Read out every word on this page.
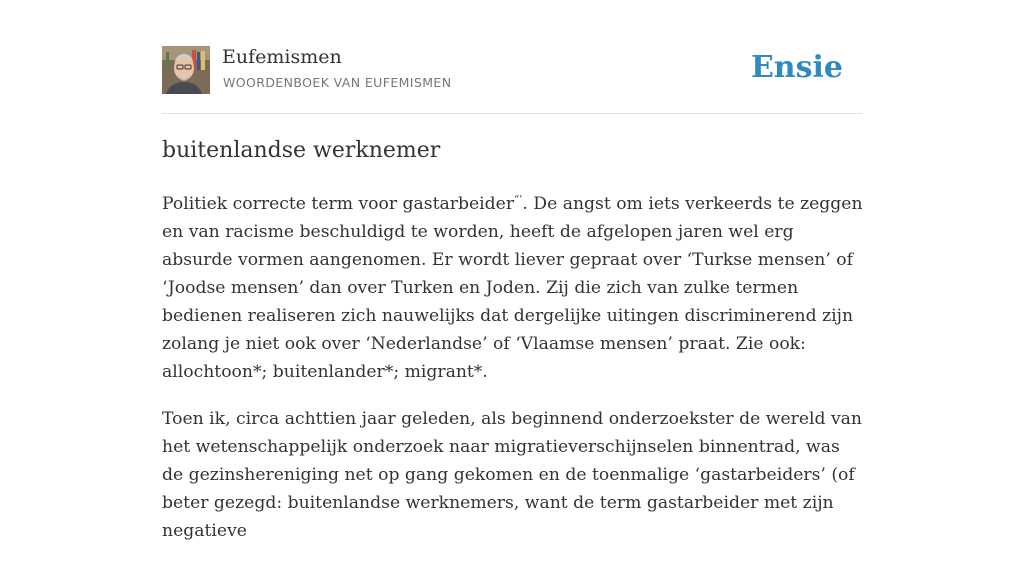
Eufemismen
WOORDENBOEK VAN EUFEMISMEN	Ensie
buitenlandse werknemer

Politiek correcte term voor gastarbeider“’. De angst om iets verkeerds te zeggen en van racisme beschuldigd te worden, heeft de afgelopen jaren wel erg absurde vormen aangenomen. Er wordt liever gepraat over ‘Turkse mensen’ of ‘Joodse mensen’ dan over Turken en Joden. Zij die zich van zulke termen bedienen realiseren zich nauwelijks dat dergelijke uitingen discriminerend zijn zolang je niet ook over ‘Nederlandse’ of ‘Vlaamse mensen’ praat. Zie ook: allochtoon*; buitenlander*; migrant*.

Toen ik, circa achttien jaar geleden, als beginnend onderzoekster de wereld van het wetenschappelijk onderzoek naar migratieverschijnselen binnentrad, was de gezinshereniging net op gang gekomen en de toenmalige ‘gastarbeiders’ (of beter gezegd: buitenlandse werknemers, want de term gastarbeider met zijn negatieve
